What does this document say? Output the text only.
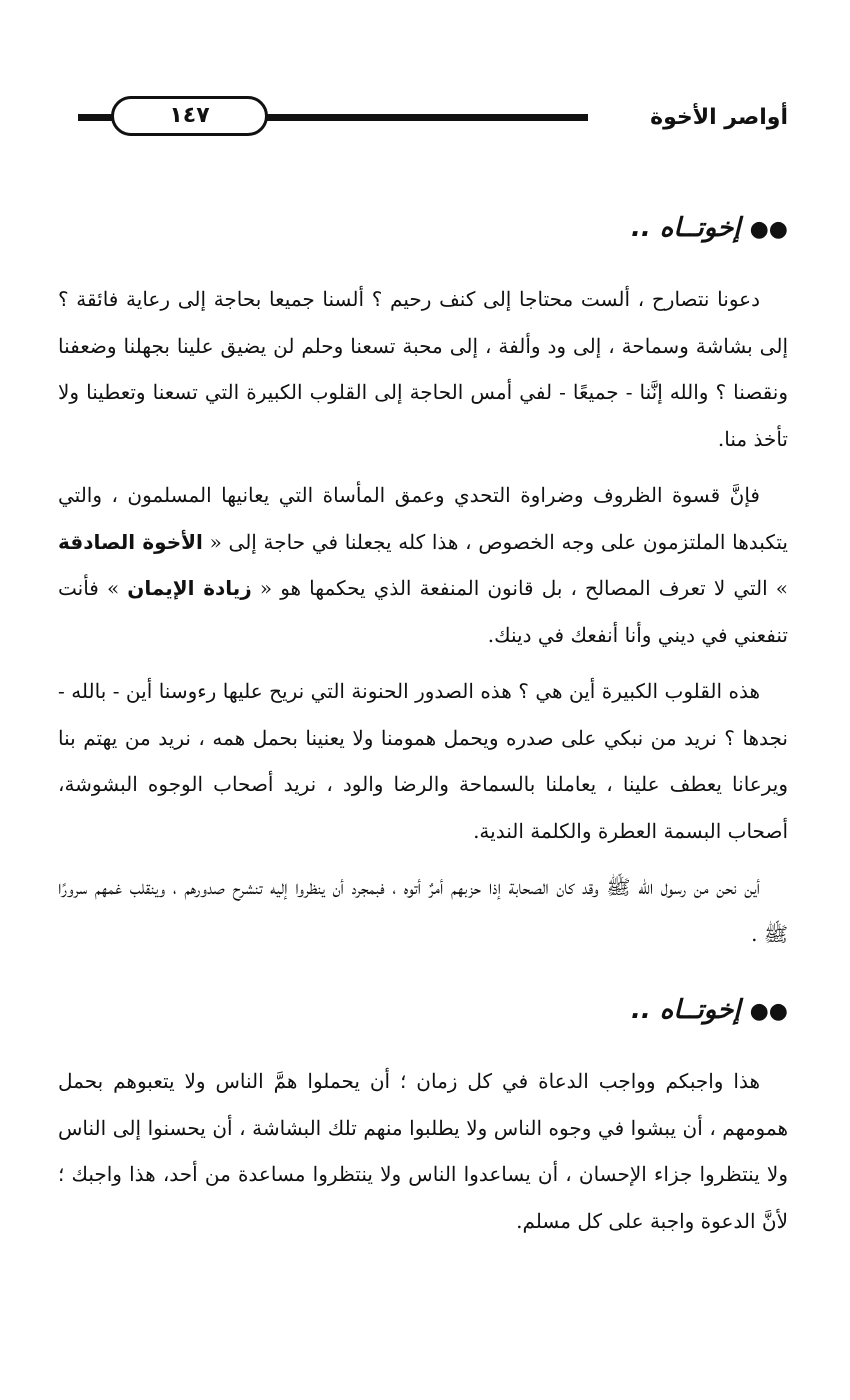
١٤٧	أواصر الأخوة
●● إخوتــاه ..

دعونا نتصارح ، ألست محتاجا إلى كنف رحيم ؟ ألسنا جميعا بحاجة إلى رعاية فائقة ؟ إلى بشاشة وسماحة ، إلى ود وألفة ، إلى محبة تسعنا وحلم لن يضيق علينا بجهلنا وضعفنا ونقصنا ؟ والله إنَّنا - جميعًا - لفي أمس الحاجة إلى القلوب الكبيرة التي تسعنا وتعطينا ولا تأخذ منا.

فإنَّ قسوة الظروف وضراوة التحدي وعمق المأساة التي يعانيها المسلمون ، والتي يتكبدها الملتزمون على وجه الخصوص ، هذا كله يجعلنا في حاجة إلى « الأخوة الصادقة » التي لا تعرف المصالح ، بل قانون المنفعة الذي يحكمها هو « زيادة الإيمان » فأنت تنفعني في ديني وأنا أنفعك في دينك.

هذه القلوب الكبيرة أين هي ؟ هذه الصدور الحنونة التي نريح عليها رءوسنا أين - بالله - نجدها ؟ نريد من نبكي على صدره ويحمل همومنا ولا يعنينا بحمل همه ، نريد من يهتم بنا ويرعانا يعطف علينا ، يعاملنا بالسماحة والرضا والود ، نريد أصحاب الوجوه البشوشة، أصحاب البسمة العطرة والكلمة الندية.

أين نحن من رسول الله ﷺ وقد كان الصحابة إذا حزبهم أمرٌ أتوه ، فبمجرد أن ينظروا إليه تنشرح صدورهم ، وينقلب غمهم سرورًا ﷺ .

●● إخوتــاه ..

هذا واجبكم وواجب الدعاة في كل زمان ؛ أن يحملوا همَّ الناس ولا يتعبوهم بحمل همومهم ، أن يبشوا في وجوه الناس ولا يطلبوا منهم تلك البشاشة ، أن يحسنوا إلى الناس ولا ينتظروا جزاء الإحسان ، أن يساعدوا الناس ولا ينتظروا مساعدة من أحد، هذا واجبك ؛ لأنَّ الدعوة واجبة على كل مسلم.
